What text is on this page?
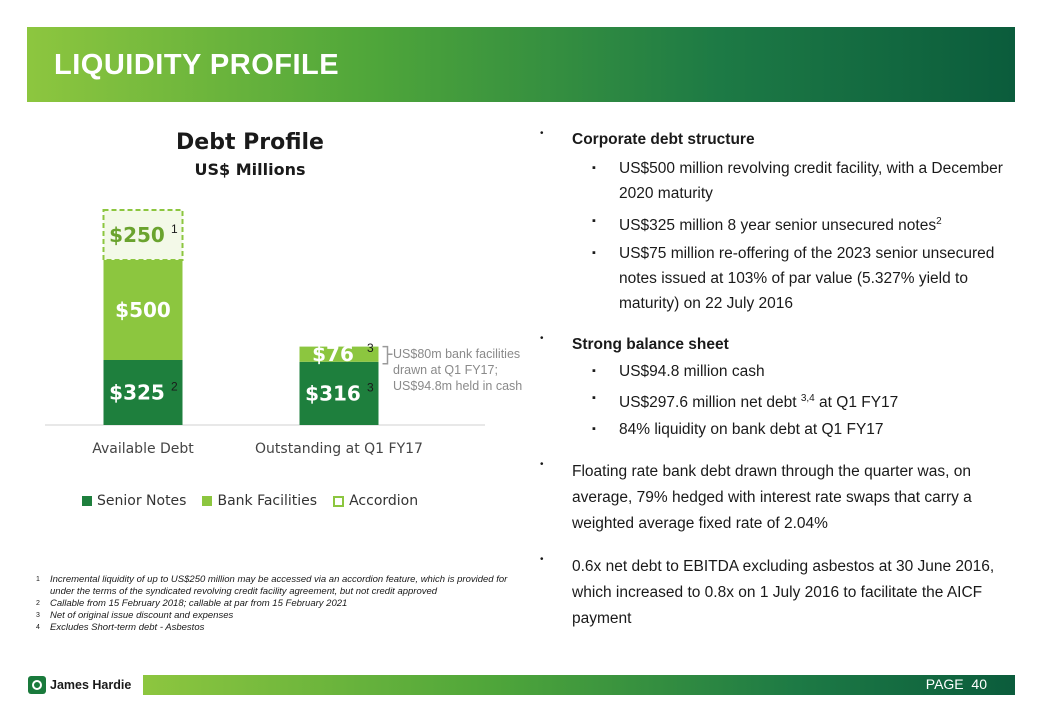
LIQUIDITY PROFILE
Debt Profile
US$ Millions
$325 2
$500
$250 1
Available Debt
$316 3
$76 3
Outstanding at Q1 FY17
US$80m bank facilities drawn at Q1 FY17; US$94.8m held in cash
Senior Notes Bank Facilities Accordion
1	Incremental liquidity of up to US$250 million may be accessed via an accordion feature, which is provided for under the terms of the syndicated revolving credit facility agreement, but not credit approved
2	Callable from 15 February 2018; callable at par from 15 February 2021
3	Net of original issue discount and expenses
4	Excludes Short-term debt - Asbestos
• Corporate debt structure
▪ US$500 million revolving credit facility, with a December 2020 maturity
▪ US$325 million 8 year senior unsecured notes$^2$
▪ US$75 million re-offering of the 2023 senior unsecured notes issued at 103% of par value (5.327% yield to maturity) on 22 July 2016
• Strong balance sheet
▪ US$94.8 million cash
▪ US$297.6 million net debt $^{3,4}$ at Q1 FY17
▪ 84% liquidity on bank debt at Q1 FY17
• Floating rate bank debt drawn through the quarter was, on average, 79% hedged with interest rate swaps that carry a weighted average fixed rate of 2.04%
• 0.6x net debt to EBITDA excluding asbestos at 30 June 2016, which increased to 0.8x on 1 July 2016 to facilitate the AICF payment
James Hardie	PAGE 40
